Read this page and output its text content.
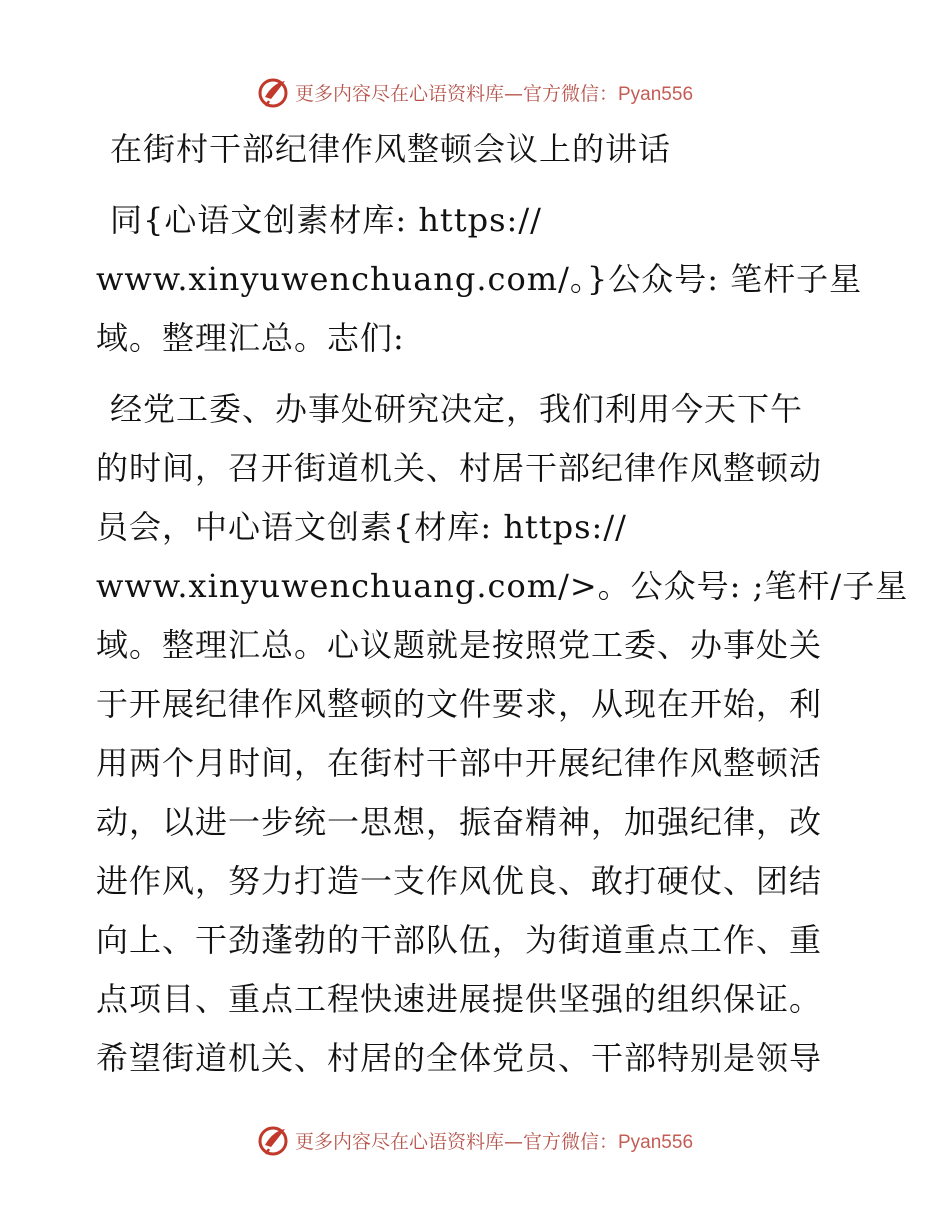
更多内容尽在心语资料库—官方微信：Pyan556
在街村干部纪律作风整顿会议上的讲话
同{心语文创素材库: https://
www.xinyuwenchuang.com/。}公众号: 笔杆子星
域。整理汇总。志们:
经党工委、办事处研究决定，我们利用今天下午
的时间，召开街道机关、村居干部纪律作风整顿动
员会，中心语文创素{材库: https://
www.xinyuwenchuang.com/>。公众号: ;笔杆/子星
域。整理汇总。心议题就是按照党工委、办事处关
于开展纪律作风整顿的文件要求，从现在开始，利
用两个月时间，在街村干部中开展纪律作风整顿活
动，以进一步统一思想，振奋精神，加强纪律，改
进作风，努力打造一支作风优良、敢打硬仗、团结
向上、干劲蓬勃的干部队伍，为街道重点工作、重
点项目、重点工程快速进展提供坚强的组织保证。
希望街道机关、村居的全体党员、干部特别是领导
更多内容尽在心语资料库—官方微信：Pyan556
